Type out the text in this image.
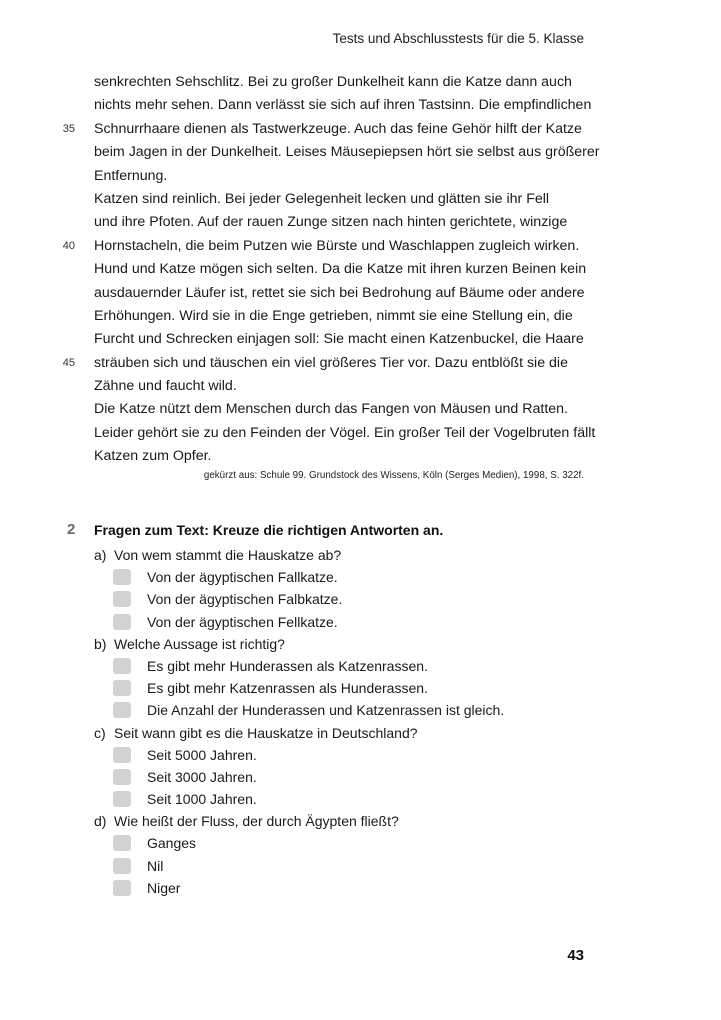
Tests und Abschlusstests für die 5. Klasse
senkrechten Sehschlitz. Bei zu großer Dunkelheit kann die Katze dann auch
nichts mehr sehen. Dann verlässt sie sich auf ihren Tastsinn. Die empfindlichen
35 Schnurrhaare dienen als Tastwerkzeuge. Auch das feine Gehör hilft der Katze
beim Jagen in der Dunkelheit. Leises Mäusepiepsen hört sie selbst aus größerer
Entfernung.
Katzen sind reinlich. Bei jeder Gelegenheit lecken und glätten sie ihr Fell
und ihre Pfoten. Auf der rauen Zunge sitzen nach hinten gerichtete, winzige
40 Hornstacheln, die beim Putzen wie Bürste und Waschlappen zugleich wirken.
Hund und Katze mögen sich selten. Da die Katze mit ihren kurzen Beinen kein
ausdauernder Läufer ist, rettet sie sich bei Bedrohung auf Bäume oder andere
Erhöhungen. Wird sie in die Enge getrieben, nimmt sie eine Stellung ein, die
Furcht und Schrecken einjagen soll: Sie macht einen Katzenbuckel, die Haare
45 sträuben sich und täuschen ein viel größeres Tier vor. Dazu entblößt sie die
Zähne und faucht wild.
Die Katze nützt dem Menschen durch das Fangen von Mäusen und Ratten.
Leider gehört sie zu den Feinden der Vögel. Ein großer Teil der Vogelbruten fällt
Katzen zum Opfer.
gekürzt aus: Schule 99. Grundstock des Wissens, Köln (Serges Medien), 1998, S. 322f.
2 Fragen zum Text: Kreuze die richtigen Antworten an.
a) Von wem stammt die Hauskatze ab?
Von der ägyptischen Fallkatze.
Von der ägyptischen Falbkatze.
Von der ägyptischen Fellkatze.
b) Welche Aussage ist richtig?
Es gibt mehr Hunderassen als Katzenrassen.
Es gibt mehr Katzenrassen als Hunderassen.
Die Anzahl der Hunderassen und Katzenrassen ist gleich.
c) Seit wann gibt es die Hauskatze in Deutschland?
Seit 5000 Jahren.
Seit 3000 Jahren.
Seit 1000 Jahren.
d) Wie heißt der Fluss, der durch Ägypten fließt?
Ganges
Nil
Niger
43
